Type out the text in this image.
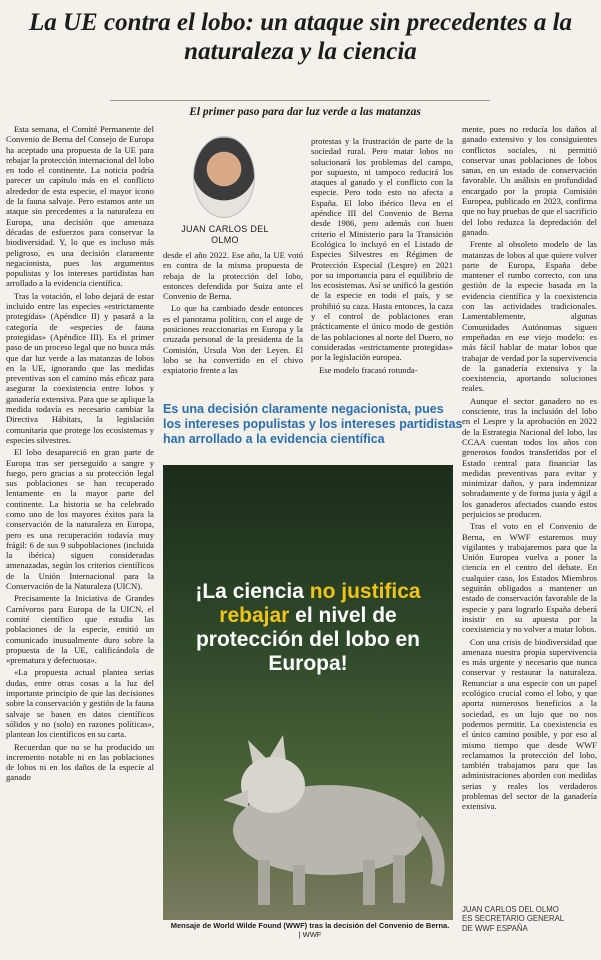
La UE contra el lobo: un ataque sin precedentes a la naturaleza y la ciencia
El primer paso para dar luz verde a las matanzas

Esta semana, el Comité Permanente del Convenio de Berna del Consejo de Europa ha aceptado una propuesta de la UE para rebajar la protección internacional del lobo en todo el continente. La noticia podría parecer un capítulo más en el conflicto alrededor de esta especie, el mayor icono de la fauna salvaje. Pero estamos ante un ataque sin precedentes a la naturaleza en Europa, una decisión que amenaza décadas de esfuerzos para conservar la biodiversidad. Y, lo que es incluso más peligroso, es una decisión claramente negacionista, pues los argumentos populistas y los intereses partidistas han arrollado a la evidencia científica.

Tras la votación, el lobo dejará de estar incluido entre las especies «estrictamente protegidas» (Apéndice II) y pasará a la categoría de «especies de fauna protegidas» (Apéndice III). Es el primer paso de un proceso legal que no busca más que dar luz verde a las matanzas de lobos en la UE, ignorando que las medidas preventivas son el camino más eficaz para asegurar la coexistencia entre lobos y ganadería extensiva. Para que se aplique la medida todavía es necesario cambiar la Directiva Hábitats, la legislación comunitaria que protege los ecosistemas y especies silvestres.

El lobo desapareció en gran parte de Europa tras ser perseguido a sangre y fuego, pero gracias a su protección legal sus poblaciones se han recuperado lentamente en la mayor parte del continente. La historia se ha celebrado como uno de los mayores éxitos para la conservación de la naturaleza en Europa, pero es una recuperación todavía muy frágil: 6 de sus 9 subpoblaciones (incluida la ibérica) siguen consideradas amenazadas, según los criterios científicos de la Unión Internacional para la Conservación de la Naturaleza (UICN).

Precisamente la Iniciativa de Grandes Carnívoros para Europa de la UICN, el comité científico que estudia las poblaciones de la especie, emitió un comunicado inusualmente duro sobre la propuesta de la UE, calificándola de «prematura y defectuosa».

«La propuesta actual plantea serias dudas, entre otras cosas a la luz del importante principio de que las decisiones sobre la conservación y gestión de la fauna salvaje se basen en datos científicos sólidos y no (solo) en razones políticas», plantean los científicos en su carta.

Recuerdan que no se ha producido un incremento notable ni en las poblaciones de lobos ni en los daños de la especie al ganado

JUAN CARLOS DEL OLMO

desde el año 2022. Ese año, la UE votó en contra de la misma propuesta de rebaja de la protección del lobo, entonces defendida por Suiza ante el Convenio de Berna.

Lo que ha cambiado desde entonces es el panorama político, con el auge de posiciones reaccionarias en Europa y la cruzada personal de la presidenta de la Comisión, Ursula Von der Leyen. El lobo se ha convertido en el chivo expiatorio frente a las

protestas y la frustración de parte de la sociedad rural. Pero matar lobos no solucionará los problemas del campo, por supuesto, ni tampoco reducirá los ataques al ganado y el conflicto con la especie. Pero todo esto no afecta a España. El lobo ibérico lleva en el apéndice III del Convenio de Berna desde 1986, pero además con buen criterio el Ministerio para la Transición Ecológica lo incluyó en el Listado de Especies Silvestres en Régimen de Protección Especial (Lespre) en 2021 por su importancia para el equilibrio de los ecosistemas. Así se unificó la gestión de la especie en todo el país, y se prohibió su caza. Hasta entonces, la caza y el control de poblaciones eran prácticamente el único modo de gestión de las poblaciones al norte del Duero, no consideradas «estrictamente protegidas» por la legislación europea.

Ese modelo fracasó rotunda-

Es una decisión claramente negacionista, pues los intereses populistas y los intereses partidistas han arrollado a la evidencia científica

¡La ciencia no justifica rebajar el nivel de protección del lobo en Europa!
Mensaje de World Wilde Found (WWF) tras la decisión del Convenio de Berna. | WWF

mente, pues no reducía los daños al ganado extensivo y los consiguientes conflictos sociales, ni permitió conservar unas poblaciones de lobos sanas, en un estado de conservación favorable. Un análisis en profundidad encargado por la propia Comisión Europea, publicado en 2023, confirma que no hay pruebas de que el sacrificio del lobo reduzca la depredación del ganado.

Frente al obsoleto modelo de las matanzas de lobos al que quiere volver parte de Europa, España debe mantener el rumbo correcto, con una gestión de la especie basada en la evidencia científica y la coexistencia con las actividades tradicionales. Lamentablemente, algunas Comunidades Autónomas siguen empeñadas en ese viejo modelo: es más fácil hablar de matar lobos que trabajar de verdad por la supervivencia de la ganadería extensiva y la coexistencia, aportando soluciones reales.

Aunque el sector ganadero no es consciente, tras la inclusión del lobo en el Lespre y la aprobación en 2022 de la Estrategia Nacional del lobo, las CCAA cuentan todos los años con generosos fondos transferidos por el Estado central para financiar las medidas preventivas para evitar y minimizar daños, y para indemnizar sobradamente y de forma justa y ágil a los ganaderos afectados cuando estos perjuicios se producen.

Tras el voto en el Convenio de Berna, en WWF estaremos muy vigilantes y trabajaremos para que la Unión Europea vuelva a poner la ciencia en el centro del debate. En cualquier caso, los Estados Miembros seguirán obligados a mantener un estado de conservación favorable de la especie y para lograrlo España deberá insistir en su apuesta por la coexistencia y no volver a matar lobos.

Con una crisis de biodiversidad que amenaza nuestra propia supervivencia es más urgente y necesario que nunca conservar y restaurar la naturaleza. Renunciar a una especie con un papel ecológico crucial como el lobo, y que aporta numerosos beneficios a la sociedad, es un lujo que no nos podemos permitir. La coexistencia es el único camino posible, y por eso al mismo tiempo que desde WWF reclamamos la protección del lobo, también trabajamos para que las administraciones aborden con medidas serias y reales los verdaderos problemas del sector de la ganadería extensiva.

JUAN CARLOS DEL OLMO
ES SECRETARIO GENERAL
DE WWF ESPAÑA
